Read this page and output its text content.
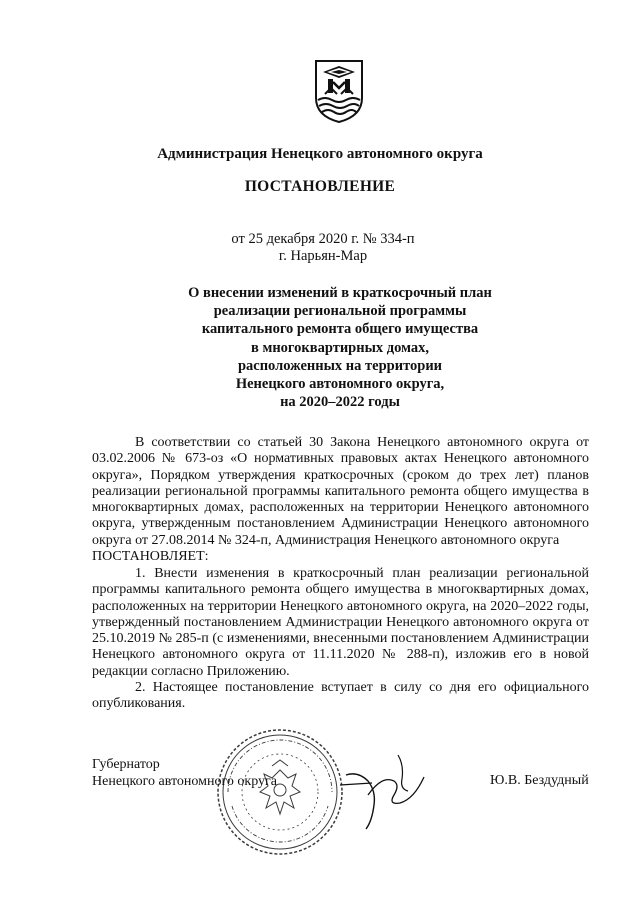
Администрация Ненецкого автономного округа
ПОСТАНОВЛЕНИЕ
от 25 декабря 2020 г. № 334-п
г. Нарьян-Мар
О внесении изменений в краткосрочный план
реализации региональной программы
капитального ремонта общего имущества
в многоквартирных домах,
расположенных на территории
Ненецкого автономного округа,
на 2020–2022 годы
В соответствии со статьей 30 Закона Ненецкого автономного округа от 03.02.2006 № 673-оз «О нормативных правовых актах Ненецкого автономного округа», Порядком утверждения краткосрочных (сроком до трех лет) планов реализации региональной программы капитального ремонта общего имущества в многоквартирных домах, расположенных на территории Ненецкого автономного округа, утвержденным постановлением Администрации Ненецкого автономного округа от 27.08.2014 № 324-п, Администрация Ненецкого автономного округа
ПОСТАНОВЛЯЕТ:
1. Внести изменения в краткосрочный план реализации региональной программы капитального ремонта общего имущества в многоквартирных домах, расположенных на территории Ненецкого автономного округа, на 2020–2022 годы, утвержденный постановлением Администрации Ненецкого автономного округа от 25.10.2019 № 285-п (с изменениями, внесенными постановлением Администрации Ненецкого автономного округа от 11.11.2020 № 288-п), изложив его в новой редакции согласно Приложению.
2. Настоящее постановление вступает в силу со дня его официального опубликования.
Губернатор
Ненецкого автономного округа	Ю.В. Бездудный
